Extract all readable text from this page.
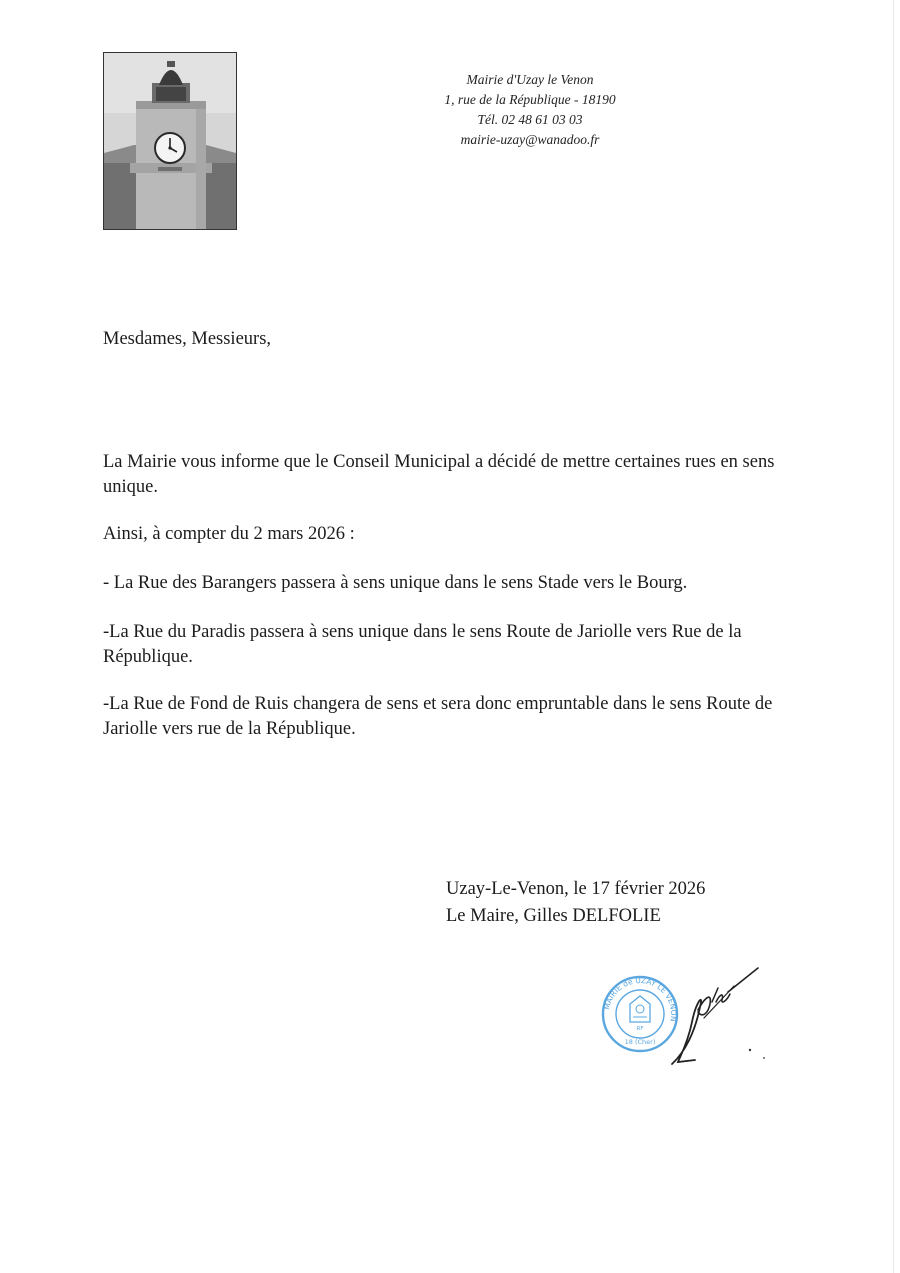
Mairie d'Uzay le Venon
1, rue de la République - 18190
Tél. 02 48 61 03 03
mairie-uzay@wanadoo.fr
Mesdames, Messieurs,
La Mairie vous informe que le Conseil Municipal a décidé de mettre certaines rues en sens unique.
Ainsi, à compter du 2 mars 2026 :
- La Rue des Barangers passera à sens unique dans le sens Stade vers le Bourg.
-La Rue du Paradis passera à sens unique dans le sens Route de Jariolle vers Rue de la République.
-La Rue de Fond de Ruis changera de sens et sera donc empruntable dans le sens Route de Jariolle vers rue de la République.
Uzay-Le-Venon, le 17 février 2026
Le Maire, Gilles DELFOLIE
MAIRIE de UZAY LE VENON
18 (Cher)
RF
